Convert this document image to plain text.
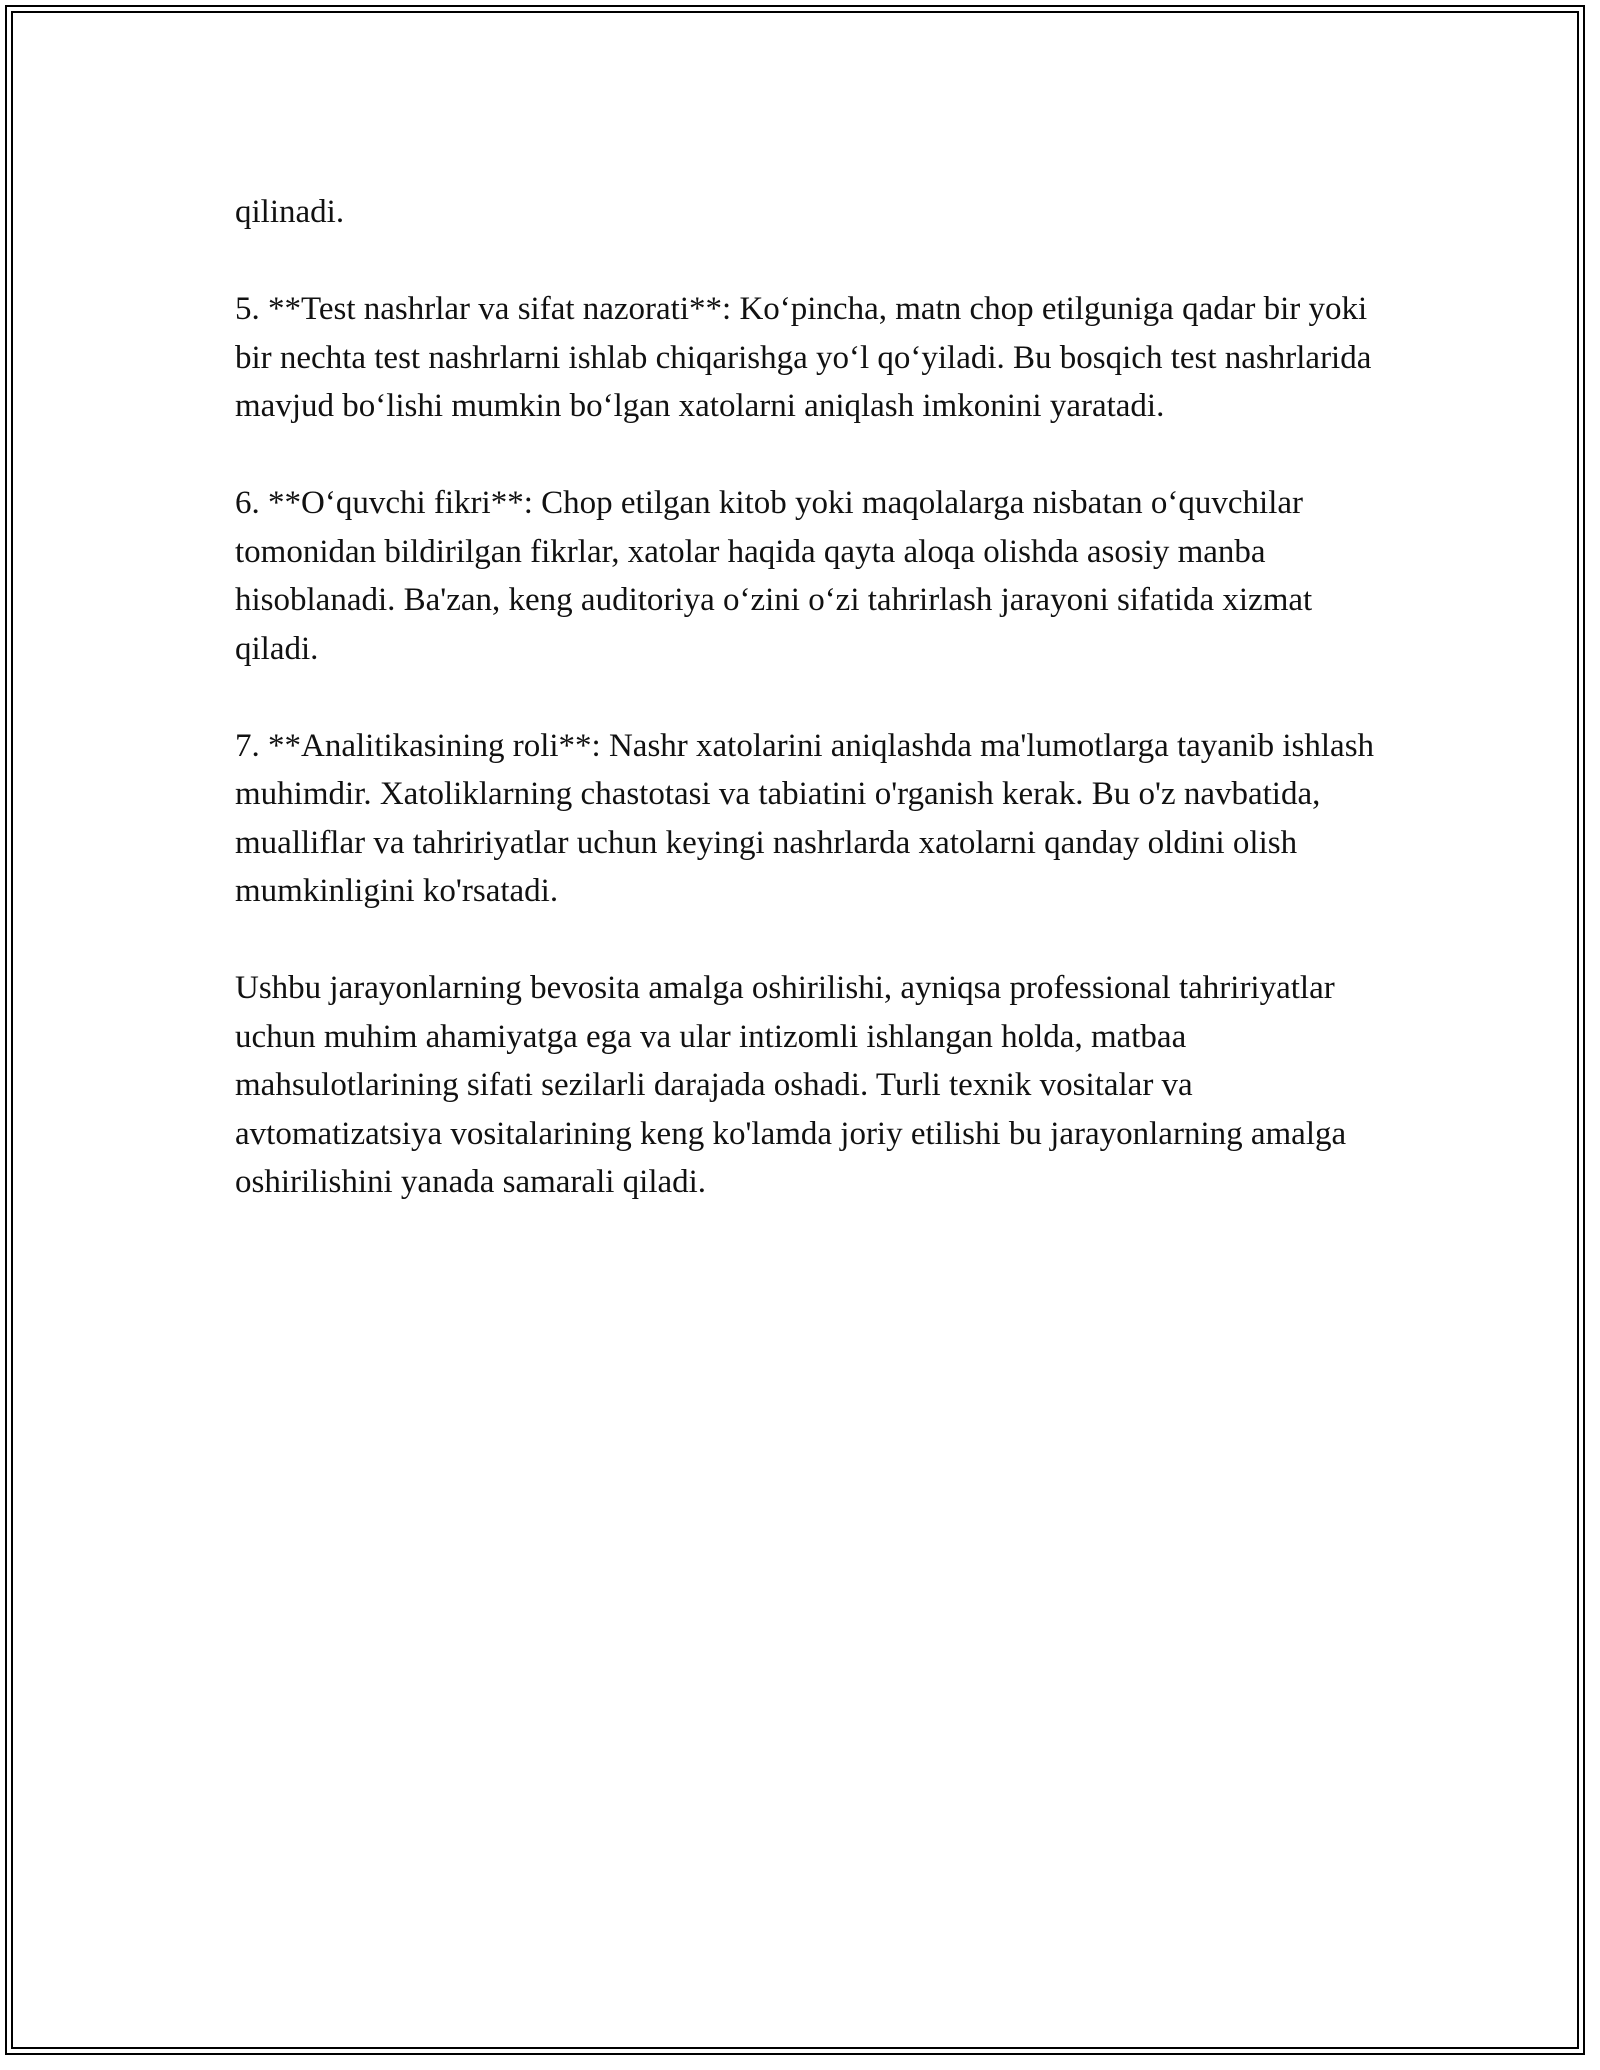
qilinadi.

5. **Test nashrlar va sifat nazorati**: Ko‘pincha, matn chop etilguniga qadar bir yoki bir nechta test nashrlarni ishlab chiqarishga yo‘l qo‘yiladi. Bu bosqich test nashrlarida mavjud bo‘lishi mumkin bo‘lgan xatolarni aniqlash imkonini yaratadi.

6. **O‘quvchi fikri**: Chop etilgan kitob yoki maqolalarga nisbatan o‘quvchilar tomonidan bildirilgan fikrlar, xatolar haqida qayta aloqa olishda asosiy manba hisoblanadi. Ba'zan, keng auditoriya o‘zini o‘zi tahrirlash jarayoni sifatida xizmat qiladi.

7. **Analitikasining roli**: Nashr xatolarini aniqlashda ma'lumotlarga tayanib ishlash muhimdir. Xatoliklarning chastotasi va tabiatini o'rganish kerak. Bu o'z navbatida, mualliflar va tahririyatlar uchun keyingi nashrlarda xatolarni qanday oldini olish mumkinligini ko'rsatadi.

Ushbu jarayonlarning bevosita amalga oshirilishi, ayniqsa professional tahririyatlar uchun muhim ahamiyatga ega va ular intizomli ishlangan holda, matbaa mahsulotlarining sifati sezilarli darajada oshadi. Turli texnik vositalar va avtomatizatsiya vositalarining keng ko'lamda joriy etilishi bu jarayonlarning amalga oshirilishini yanada samarali qiladi.
